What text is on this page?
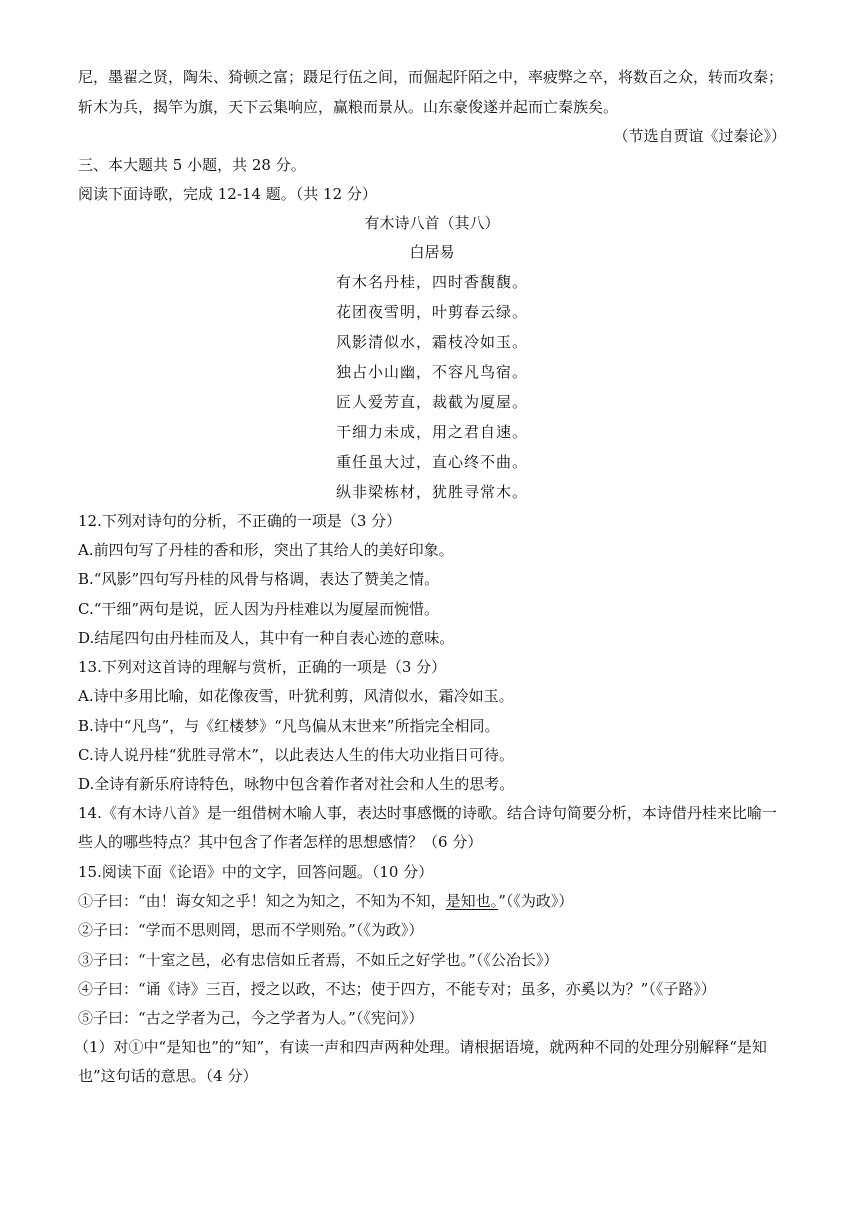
尼，墨翟之贤，陶朱、猗顿之富；蹑足行伍之间，而倔起阡陌之中，率疲弊之卒，将数百之众，转而攻秦；
斩木为兵，揭竿为旗，天下云集响应，赢粮而景从。山东豪俊遂并起而亡秦族矣。
（节选自贾谊《过秦论》）
三、本大题共 5 小题，共 28 分。
阅读下面诗歌，完成 12-14 题。（共 12 分）
有木诗八首（其八）
白居易
有木名丹桂，四时香馥馥。
花团夜雪明，叶剪春云绿。
风影清似水，霜枝冷如玉。
独占小山幽，不容凡鸟宿。
匠人爱芳直，裁截为厦屋。
干细力未成，用之君自速。
重任虽大过，直心终不曲。
纵非梁栋材，犹胜寻常木。
12.下列对诗句的分析，不正确的一项是（3 分）
A.前四句写了丹桂的香和形，突出了其给人的美好印象。
B.“风影”四句写丹桂的风骨与格调，表达了赞美之情。
C.“干细”两句是说，匠人因为丹桂难以为厦屋而惋惜。
D.结尾四句由丹桂而及人，其中有一种自表心迹的意味。
13.下列对这首诗的理解与赏析，正确的一项是（3 分）
A.诗中多用比喻，如花像夜雪，叶犹利剪，风清似水，霜冷如玉。
B.诗中“凡鸟”，与《红楼梦》“凡鸟偏从末世来”所指完全相同。
C.诗人说丹桂“犹胜寻常木”，以此表达人生的伟大功业指日可待。
D.全诗有新乐府诗特色，咏物中包含着作者对社会和人生的思考。
14.《有木诗八首》是一组借树木喻人事，表达时事感慨的诗歌。结合诗句简要分析，本诗借丹桂来比喻一
些人的哪些特点？其中包含了作者怎样的思想感情？（6 分）
15.阅读下面《论语》中的文字，回答问题。（10 分）
①子曰：“由！诲女知之乎！知之为知之，不知为不知，是知也。”（《为政》）
②子曰：“学而不思则罔，思而不学则殆。”（《为政》）
③子曰：“十室之邑，必有忠信如丘者焉，不如丘之好学也。”（《公冶长》）
④子曰：“诵《诗》三百，授之以政，不达；使于四方，不能专对；虽多，亦奚以为？”（《子路》）
⑤子曰：“古之学者为己，今之学者为人。”（《宪问》）
（1）对①中“是知也”的“知”，有读一声和四声两种处理。请根据语境，就两种不同的处理分别解释“是知
也”这句话的意思。（4 分）
